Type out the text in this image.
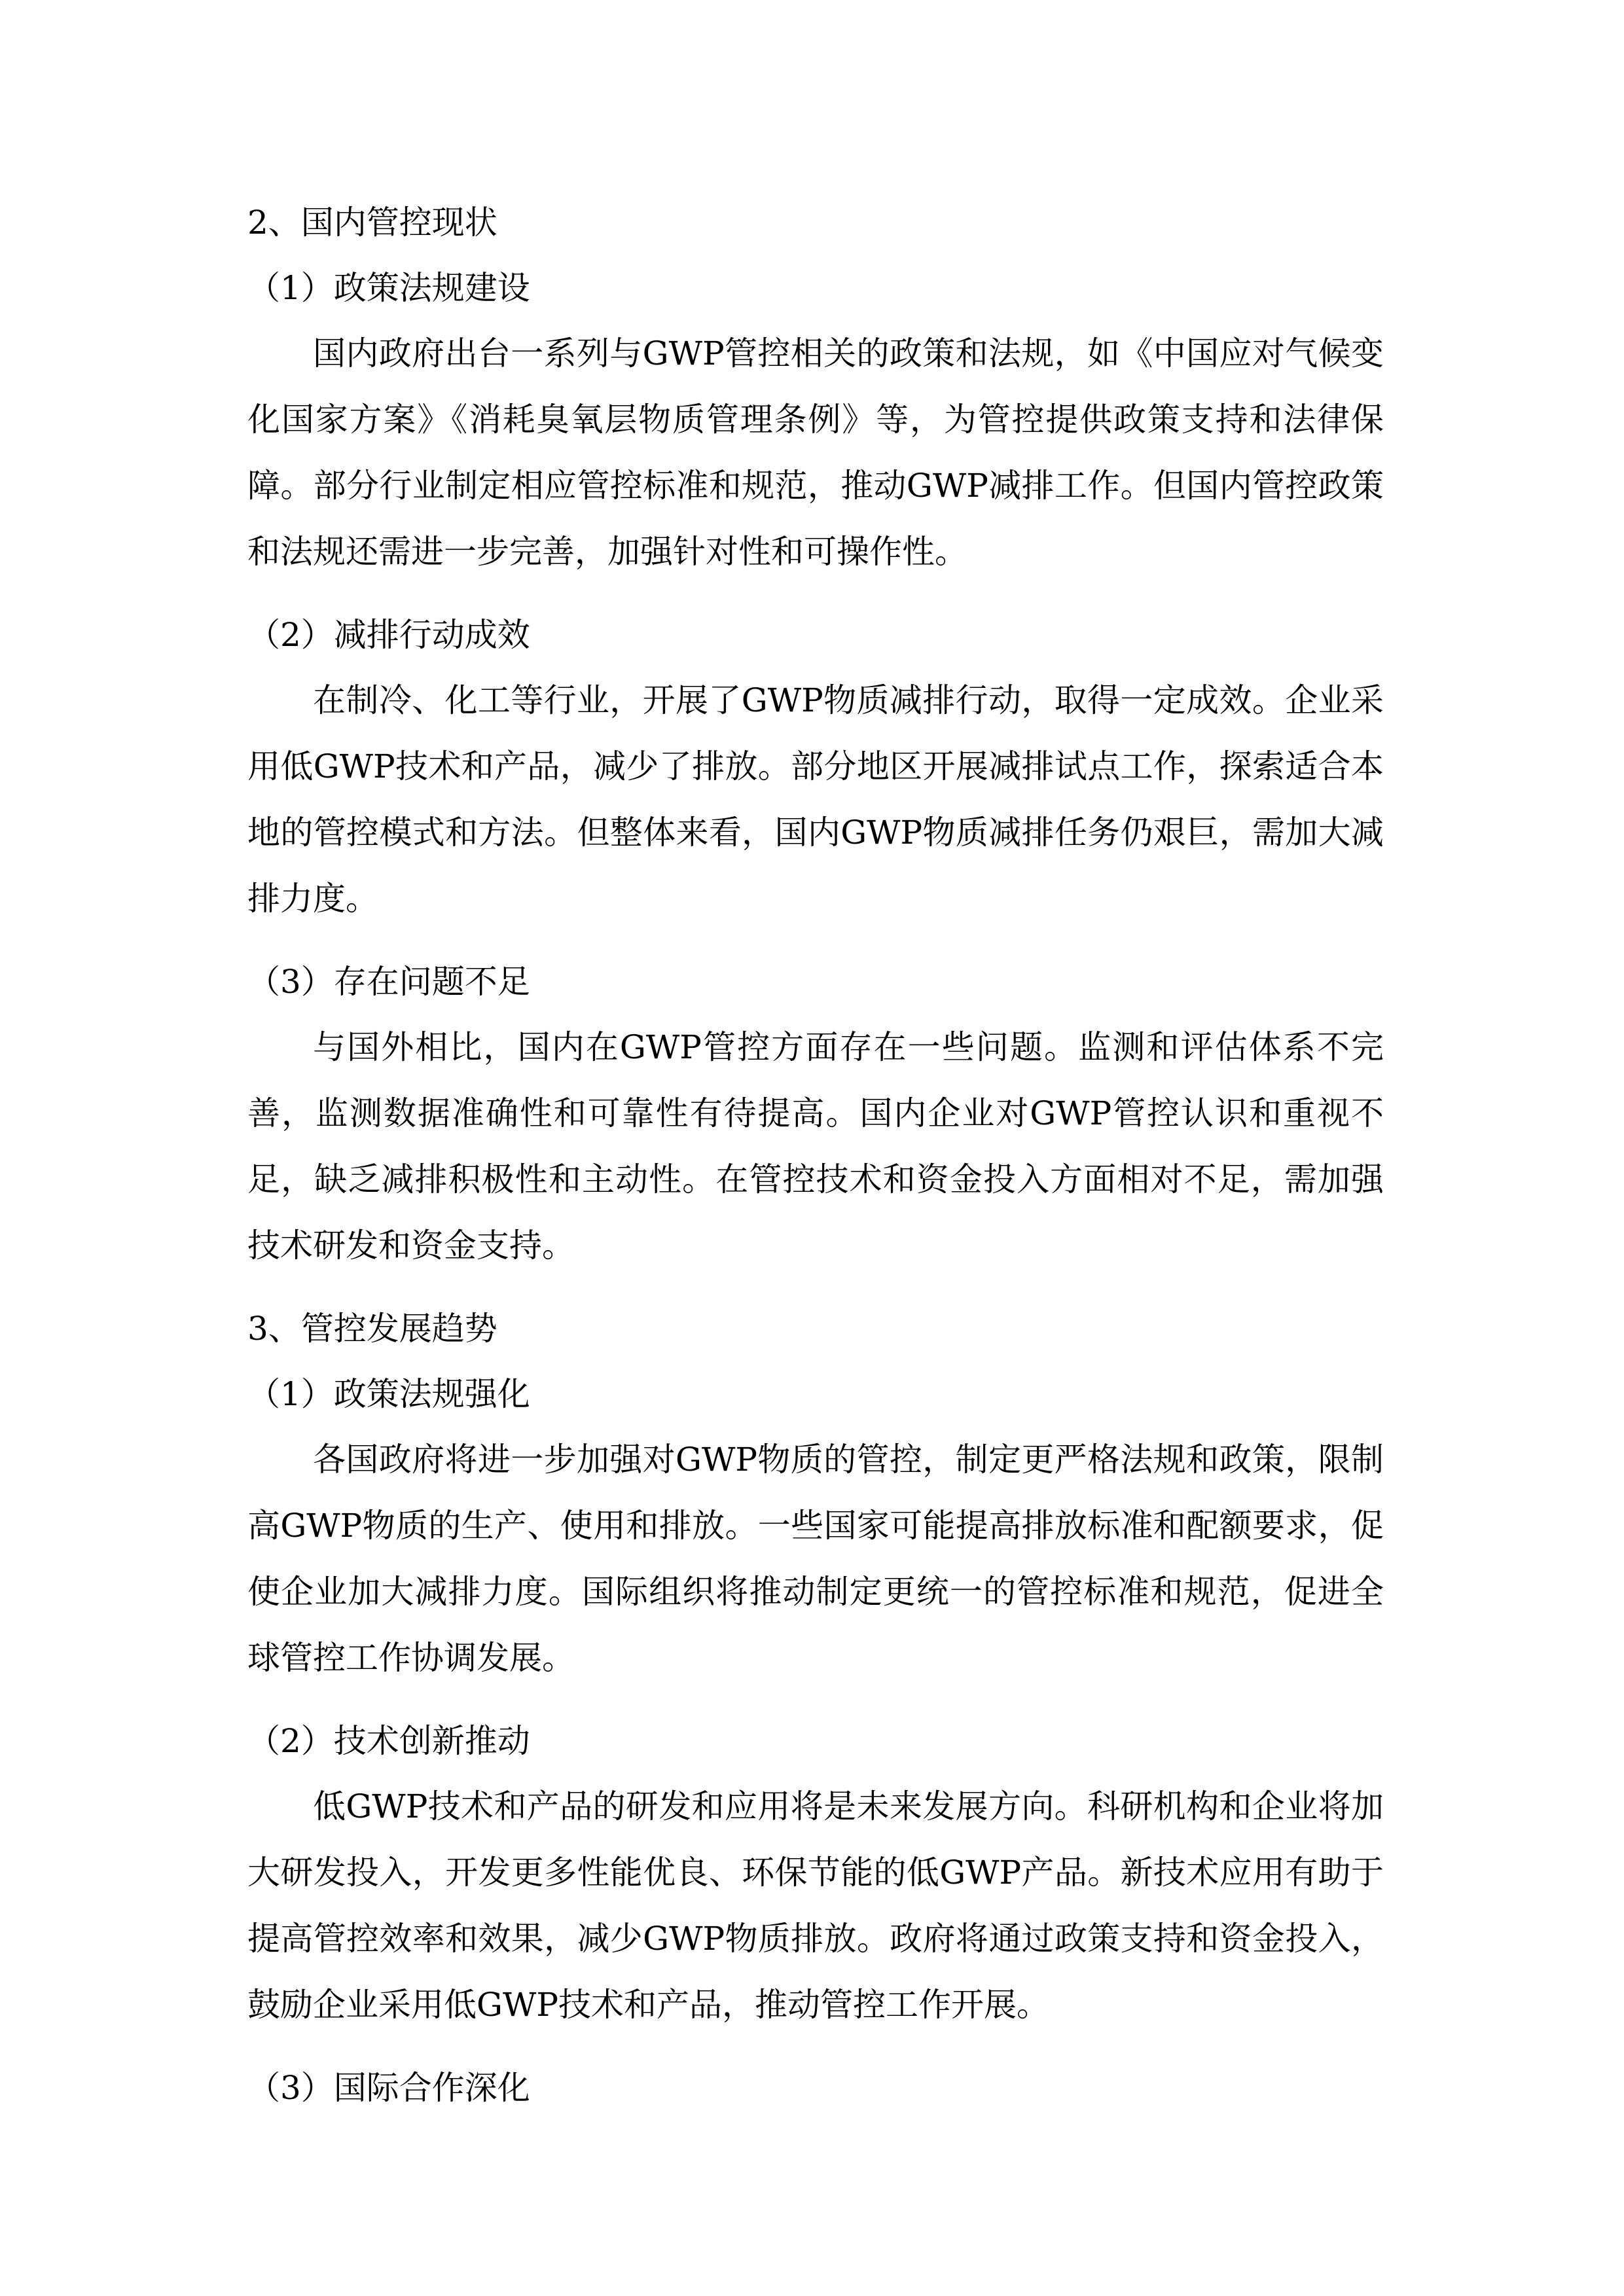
2、国内管控现状
（1）政策法规建设

国内政府出台一系列与GWP管控相关的政策和法规，如《中国应对气候变化国家方案》《消耗臭氧层物质管理条例》等，为管控提供政策支持和法律保障。部分行业制定相应管控标准和规范，推动GWP减排工作。但国内管控政策和法规还需进一步完善，加强针对性和可操作性。

（2）减排行动成效

在制冷、化工等行业，开展了GWP物质减排行动，取得一定成效。企业采用低GWP技术和产品，减少了排放。部分地区开展减排试点工作，探索适合本地的管控模式和方法。但整体来看，国内GWP物质减排任务仍艰巨，需加大减排力度。

（3）存在问题不足

与国外相比，国内在GWP管控方面存在一些问题。监测和评估体系不完善，监测数据准确性和可靠性有待提高。国内企业对GWP管控认识和重视不足，缺乏减排积极性和主动性。在管控技术和资金投入方面相对不足，需加强技术研发和资金支持。

3、管控发展趋势
（1）政策法规强化

各国政府将进一步加强对GWP物质的管控，制定更严格法规和政策，限制高GWP物质的生产、使用和排放。一些国家可能提高排放标准和配额要求，促使企业加大减排力度。国际组织将推动制定更统一的管控标准和规范，促进全球管控工作协调发展。

（2）技术创新推动

低GWP技术和产品的研发和应用将是未来发展方向。科研机构和企业将加大研发投入，开发更多性能优良、环保节能的低GWP产品。新技术应用有助于提高管控效率和效果，减少GWP物质排放。政府将通过政策支持和资金投入，鼓励企业采用低GWP技术和产品，推动管控工作开展。

（3）国际合作深化
